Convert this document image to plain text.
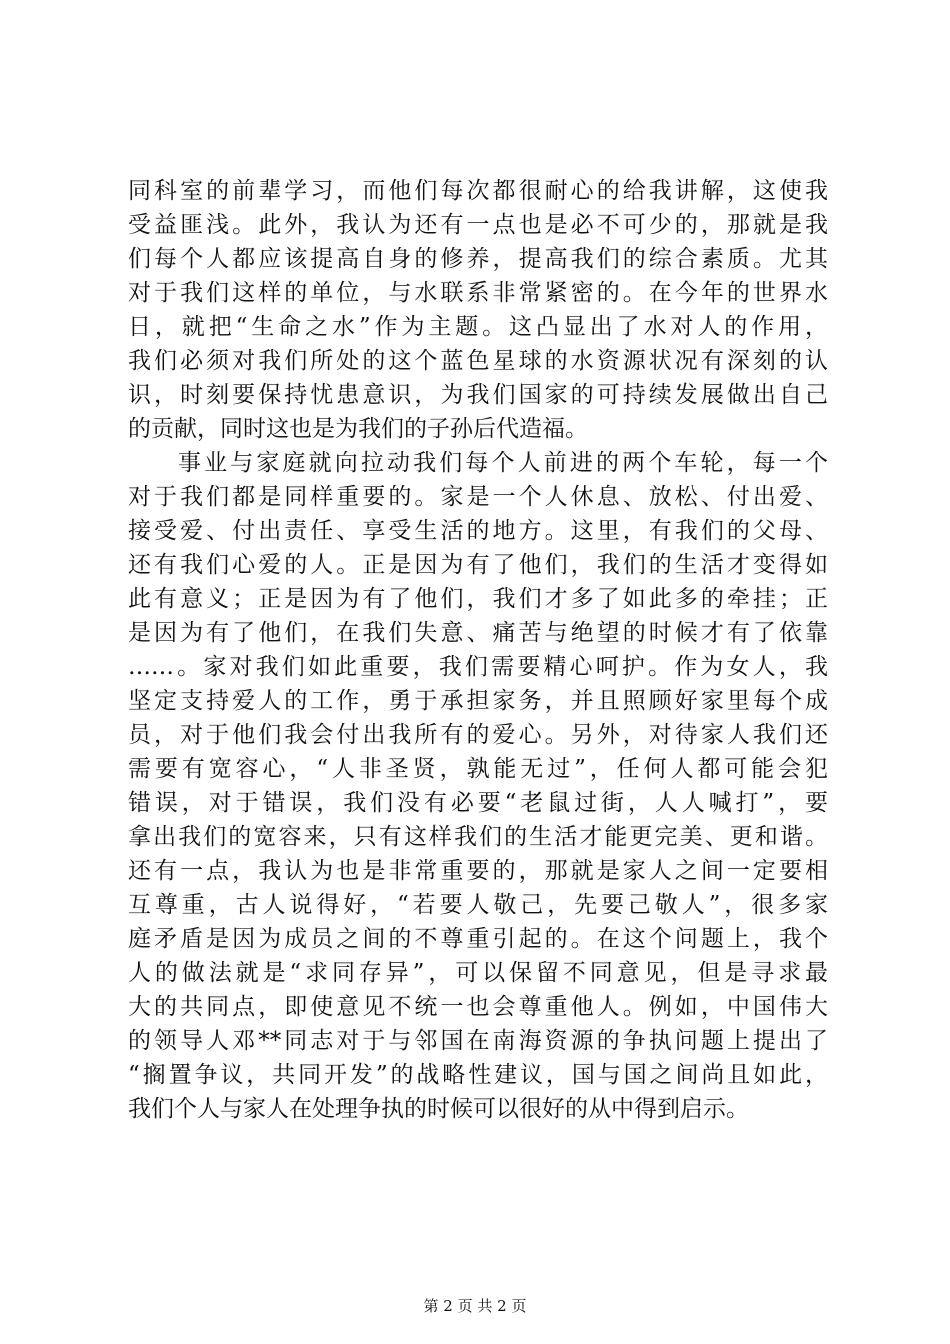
同科室的前辈学习，而他们每次都很耐心的给我讲解，这使我
受益匪浅。此外，我认为还有一点也是必不可少的，那就是我
们每个人都应该提高自身的修养，提高我们的综合素质。尤其
对于我们这样的单位，与水联系非常紧密的。在今年的世界水
日，就把“生命之水”作为主题。这凸显出了水对人的作用，
我们必须对我们所处的这个蓝色星球的水资源状况有深刻的认
识，时刻要保持忧患意识，为我们国家的可持续发展做出自己
的贡献，同时这也是为我们的子孙后代造福。
事业与家庭就向拉动我们每个人前进的两个车轮，每一个
对于我们都是同样重要的。家是一个人休息、放松、付出爱、
接受爱、付出责任、享受生活的地方。这里，有我们的父母、
还有我们心爱的人。正是因为有了他们，我们的生活才变得如
此有意义；正是因为有了他们，我们才多了如此多的牵挂；正
是因为有了他们，在我们失意、痛苦与绝望的时候才有了依靠
……。家对我们如此重要，我们需要精心呵护。作为女人，我
坚定支持爱人的工作，勇于承担家务，并且照顾好家里每个成
员，对于他们我会付出我所有的爱心。另外，对待家人我们还
需要有宽容心，“人非圣贤，孰能无过”，任何人都可能会犯
错误，对于错误，我们没有必要“老鼠过街，人人喊打”，要
拿出我们的宽容来，只有这样我们的生活才能更完美、更和谐。
还有一点，我认为也是非常重要的，那就是家人之间一定要相
互尊重，古人说得好，“若要人敬己，先要己敬人”，很多家
庭矛盾是因为成员之间的不尊重引起的。在这个问题上，我个
人的做法就是“求同存异”，可以保留不同意见，但是寻求最
大的共同点，即使意见不统一也会尊重他人。例如，中国伟大
的领导人邓**同志对于与邻国在南海资源的争执问题上提出了
“搁置争议，共同开发”的战略性建议，国与国之间尚且如此，
我们个人与家人在处理争执的时候可以很好的从中得到启示。
第 2 页 共 2 页
